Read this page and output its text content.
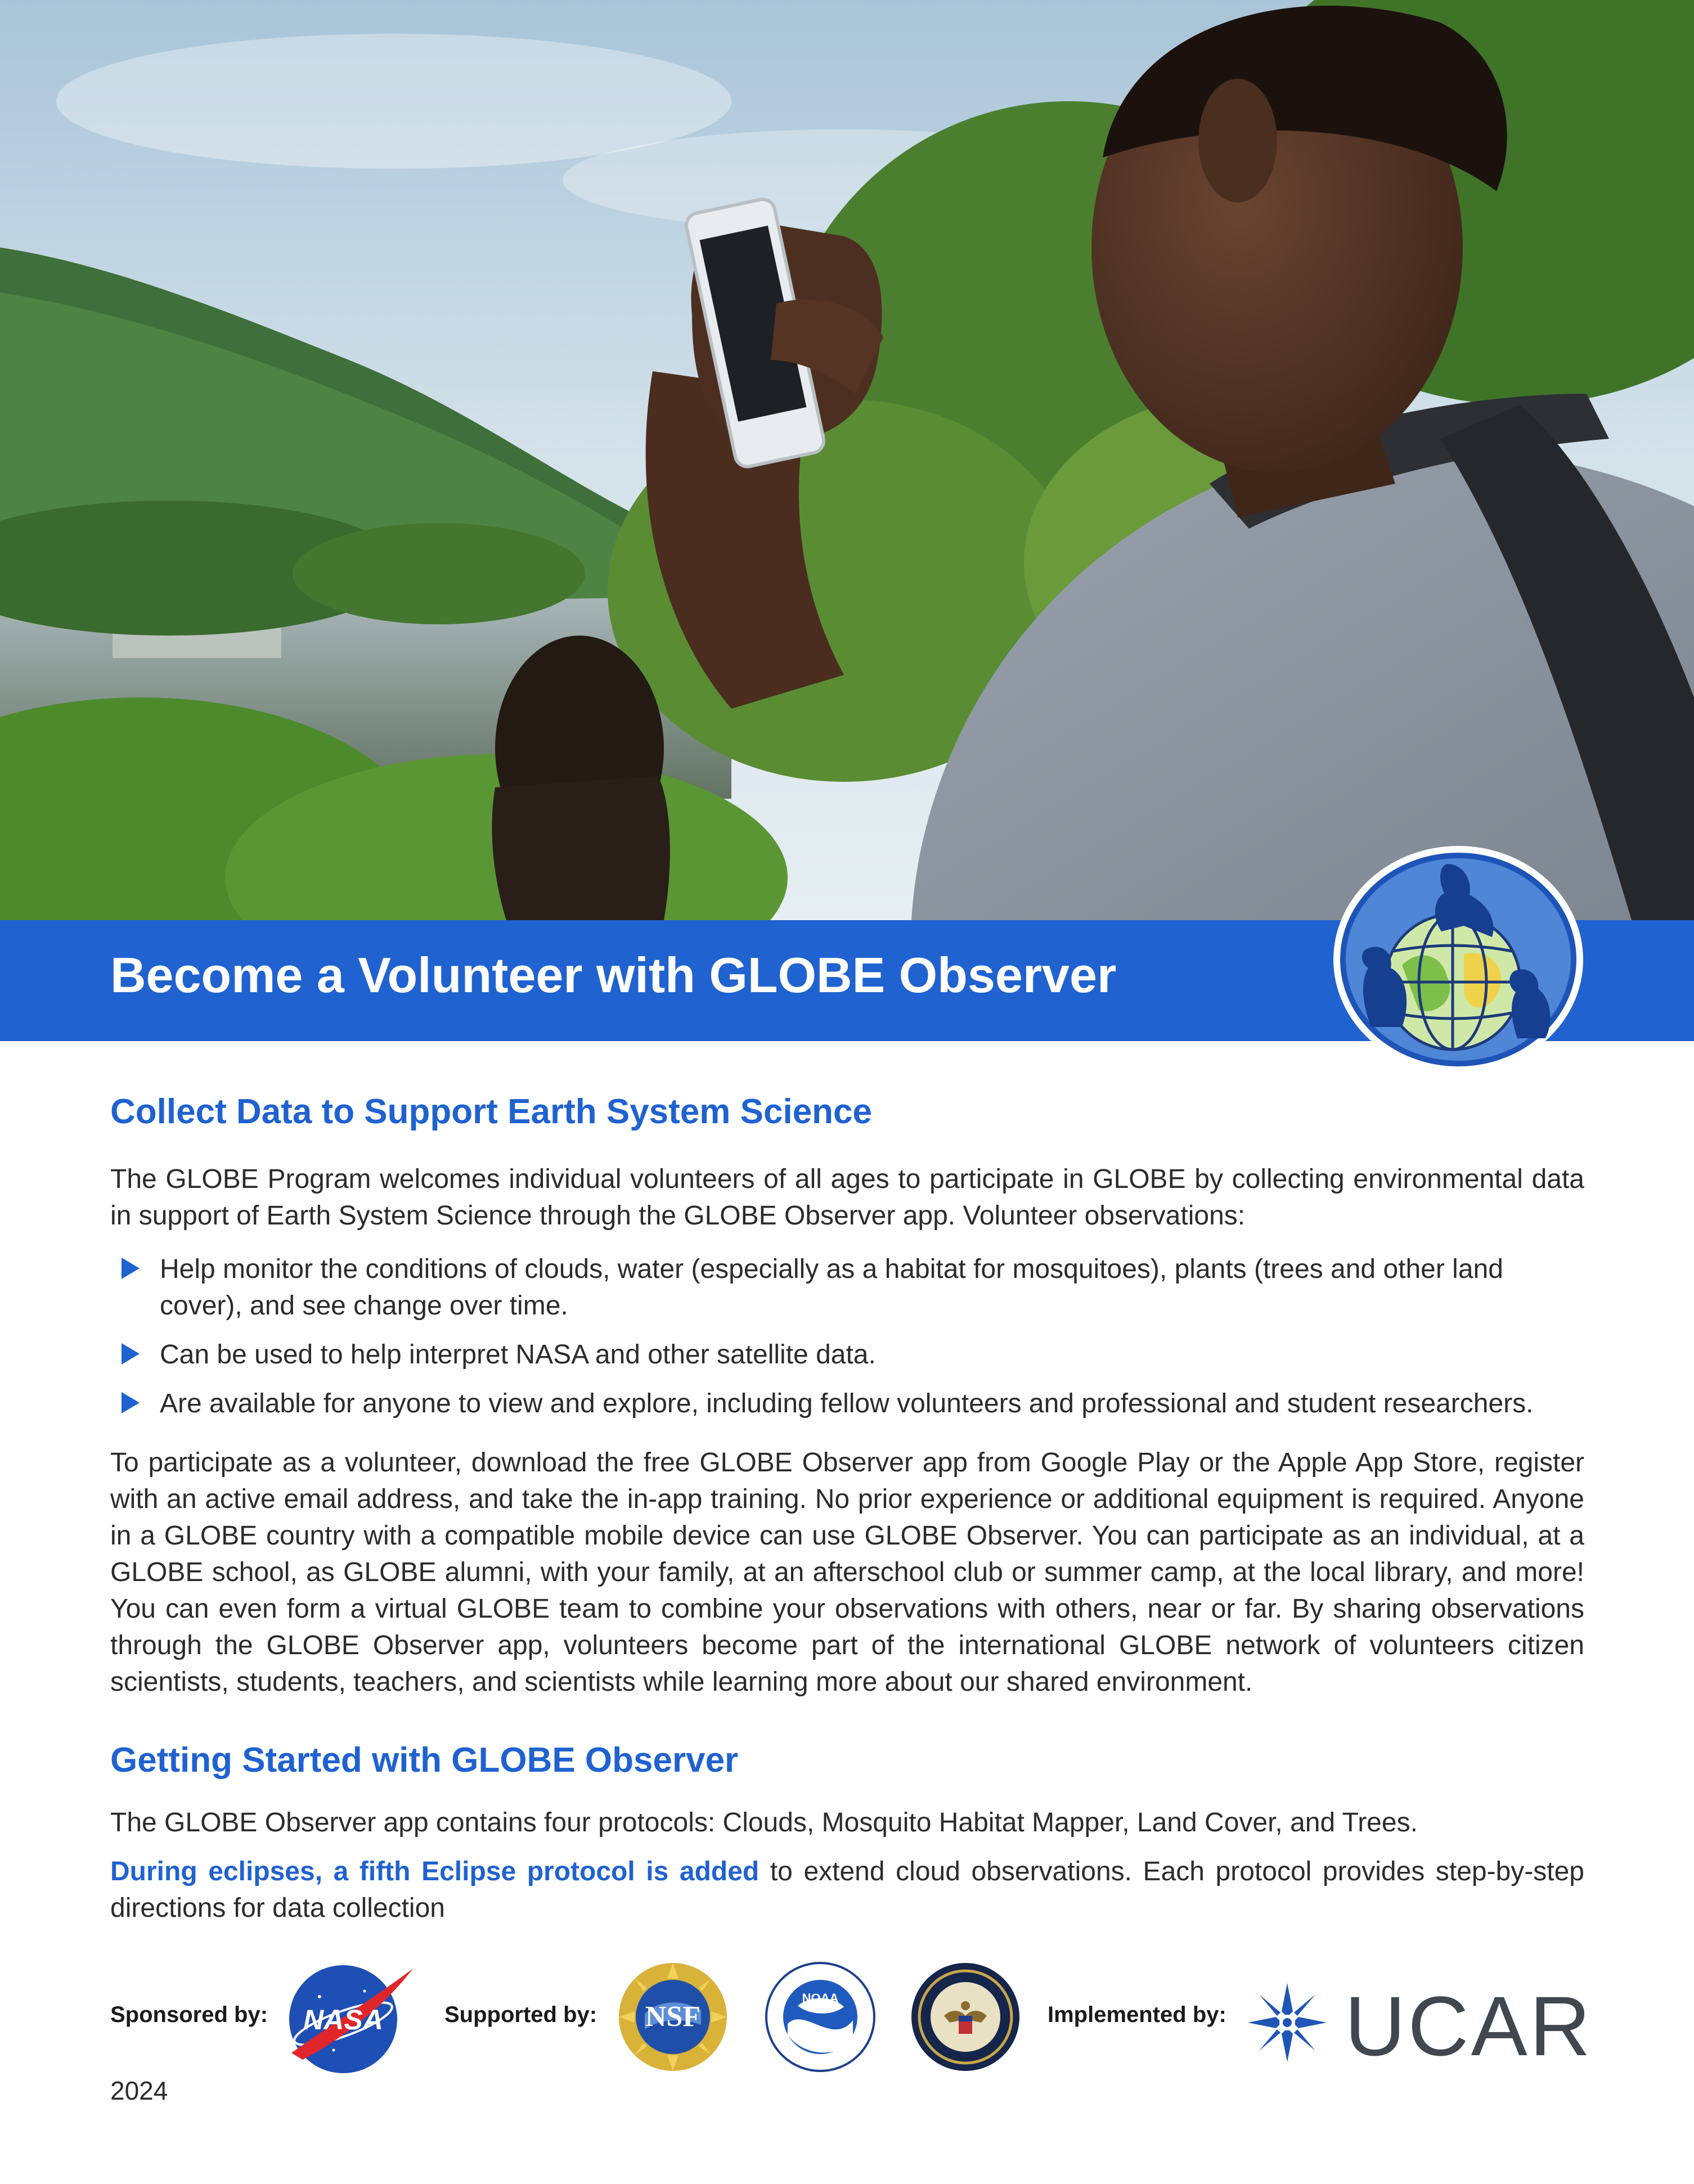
Become a Volunteer with GLOBE Observer
Collect Data to Support Earth System Science

The GLOBE Program welcomes individual volunteers of all ages to participate in GLOBE by collecting environmental data in support of Earth System Science through the GLOBE Observer app. Volunteer observations:

Help monitor the conditions of clouds, water (especially as a habitat for mosquitoes), plants (trees and other land cover), and see change over time.
Can be used to help interpret NASA and other satellite data.
Are available for anyone to view and explore, including fellow volunteers and professional and student researchers.

To participate as a volunteer, download the free GLOBE Observer app from Google Play or the Apple App Store, register with an active email address, and take the in-app training. No prior experience or additional equipment is required. Anyone in a GLOBE country with a compatible mobile device can use GLOBE Observer. You can participate as an individual, at a GLOBE school, as GLOBE alumni, with your family, at an afterschool club or summer camp, at the local library, and more! You can even form a virtual GLOBE team to combine your observations with others, near or far. By sharing observations through the GLOBE Observer app, volunteers become part of the international GLOBE network of volunteers citizen scientists, students, teachers, and scientists while learning more about our shared environment.

Getting Started with GLOBE Observer

The GLOBE Observer app contains four protocols: Clouds, Mosquito Habitat Mapper, Land Cover, and Trees.

During eclipses, a fifth Eclipse protocol is added to extend cloud observations. Each protocol provides step-by-step directions for data collection

Sponsored by: NASA	Supported by: NSF
NOAA
Implemented by: UCAR
2024
